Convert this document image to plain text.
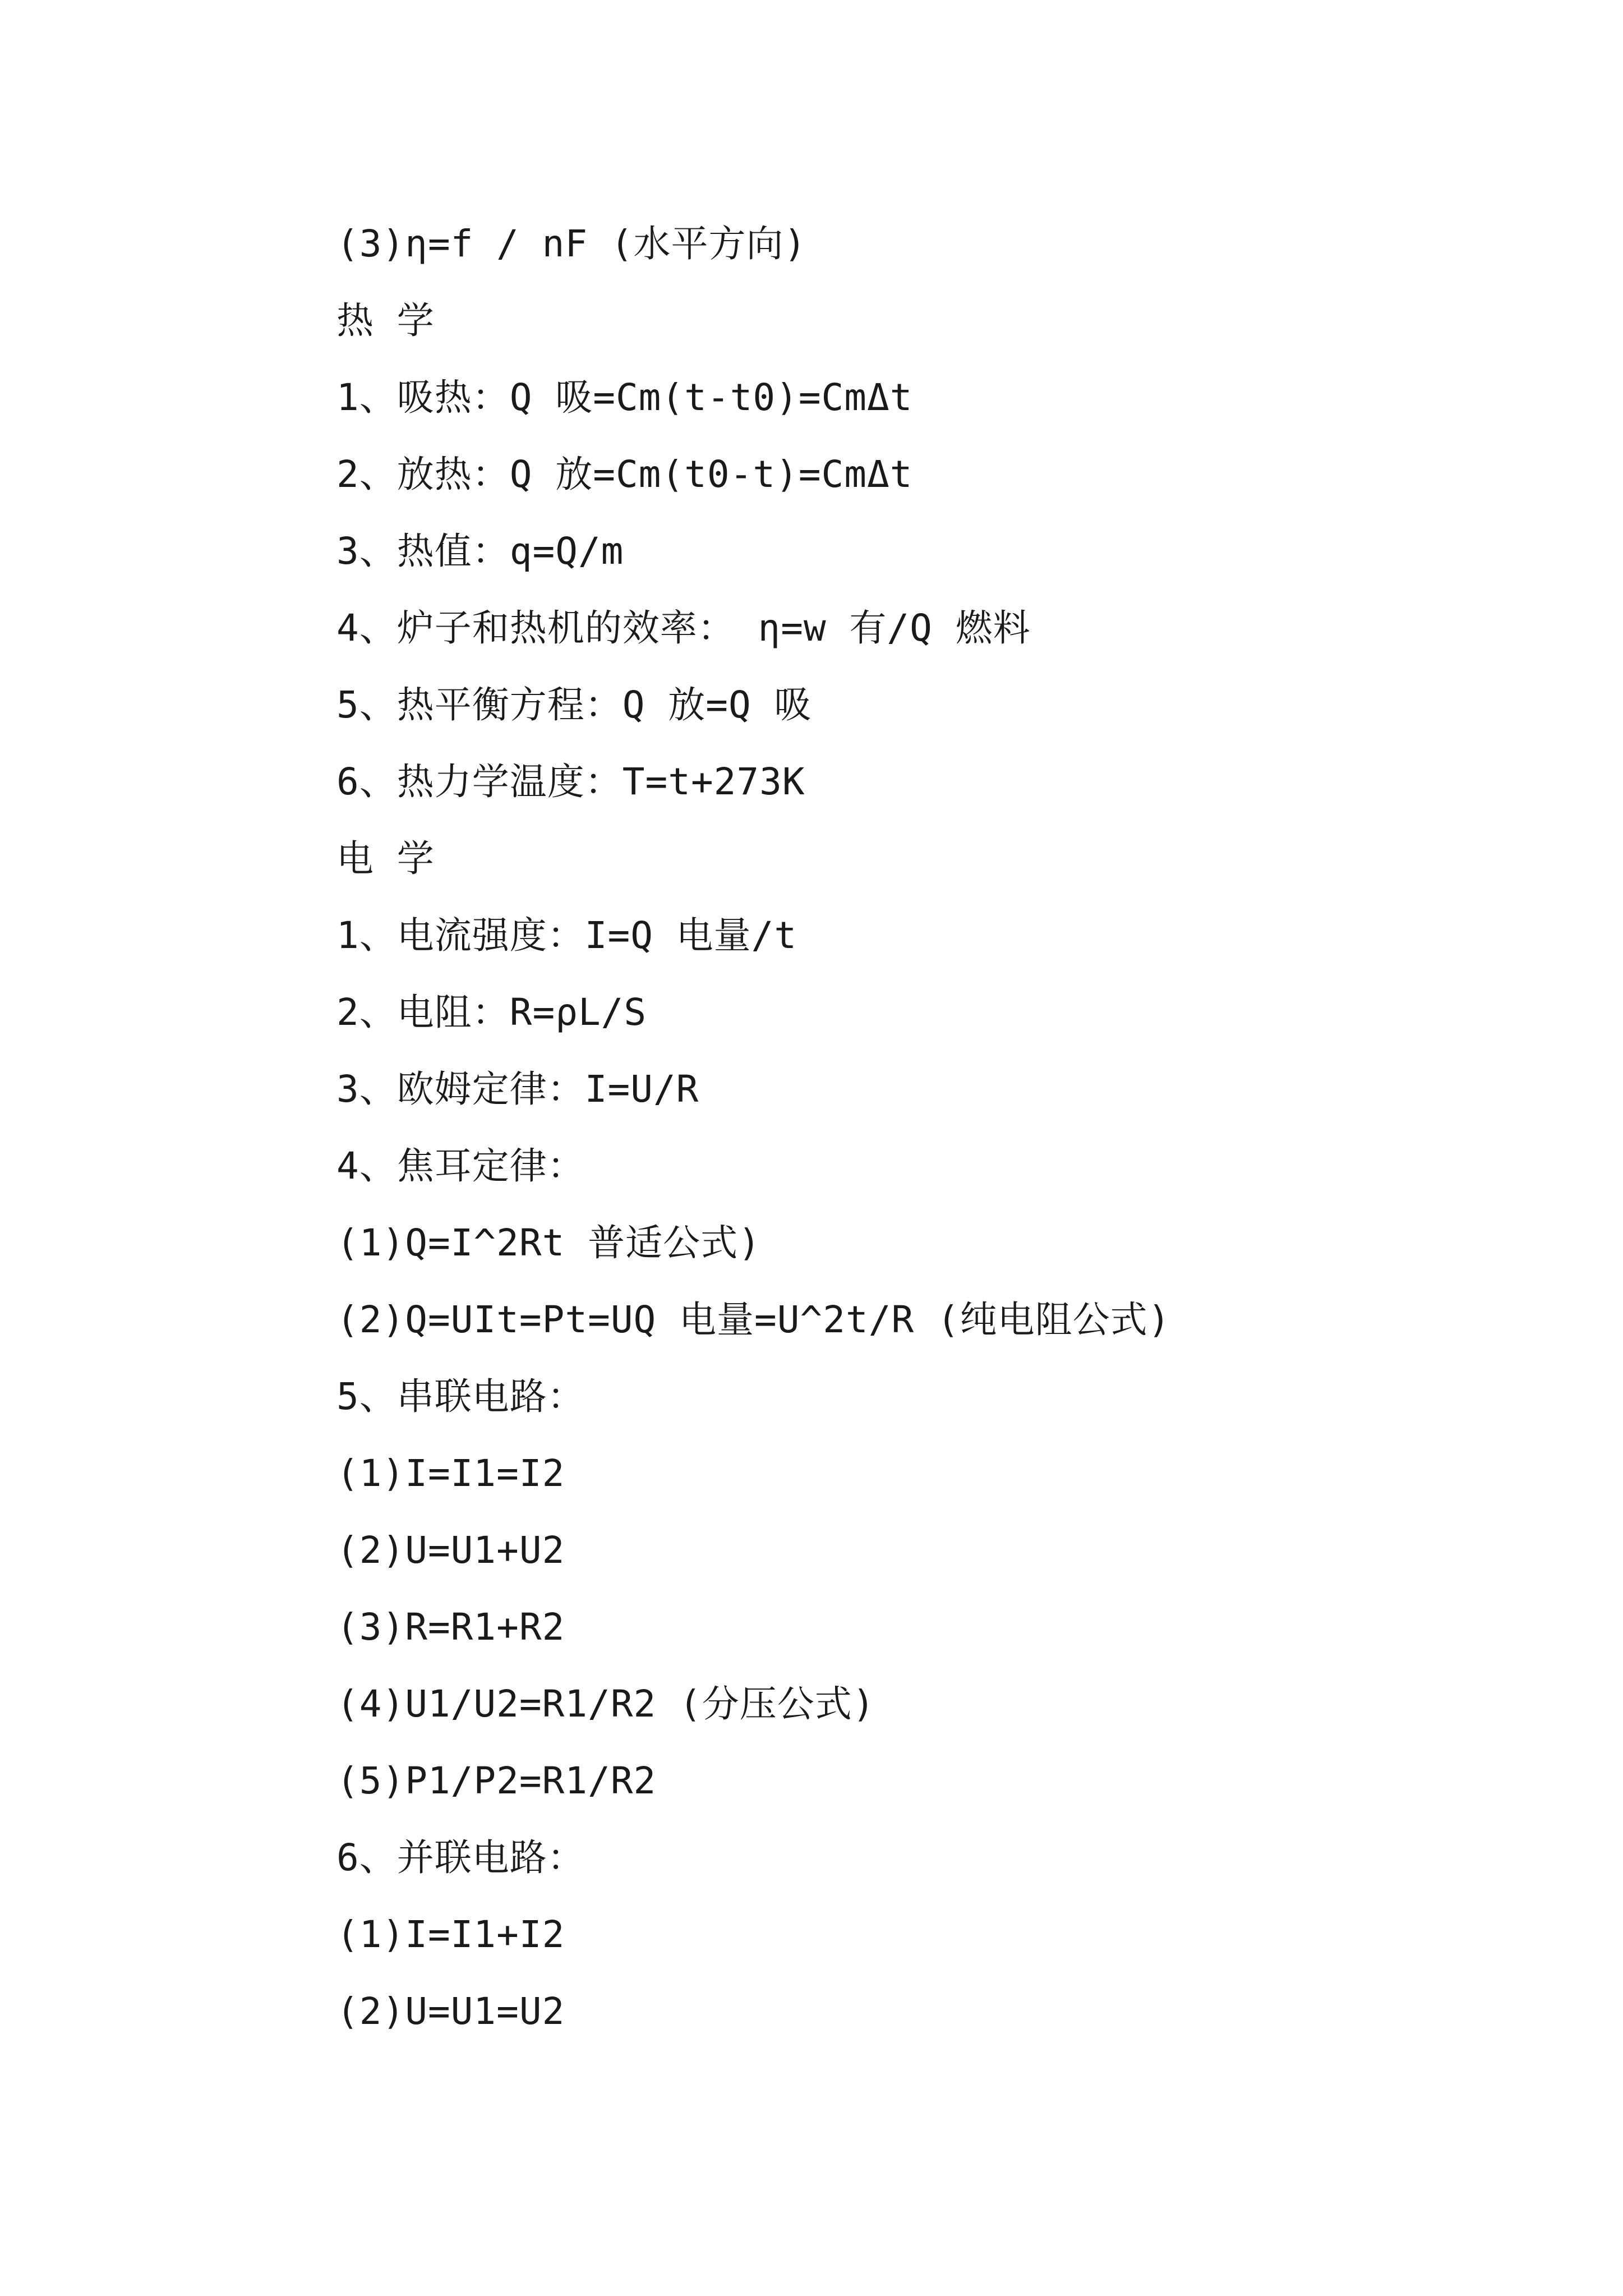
(3)η=f / nF (水平方向)
热 学
1、吸热：Q 吸=Cm(t-t0)=CmΔt
2、放热：Q 放=Cm(t0-t)=CmΔt
3、热值：q=Q/m
4、炉子和热机的效率： η=w 有/Q 燃料
5、热平衡方程：Q 放=Q 吸
6、热力学温度：T=t+273K
电 学
1、电流强度：I=Q 电量/t
2、电阻：R=ρL/S
3、欧姆定律：I=U/R
4、焦耳定律：
(1)Q=I^2Rt 普适公式)
(2)Q=UIt=Pt=UQ 电量=U^2t/R (纯电阻公式)
5、串联电路：
(1)I=I1=I2
(2)U=U1+U2
(3)R=R1+R2
(4)U1/U2=R1/R2 (分压公式)
(5)P1/P2=R1/R2
6、并联电路：
(1)I=I1+I2
(2)U=U1=U2
